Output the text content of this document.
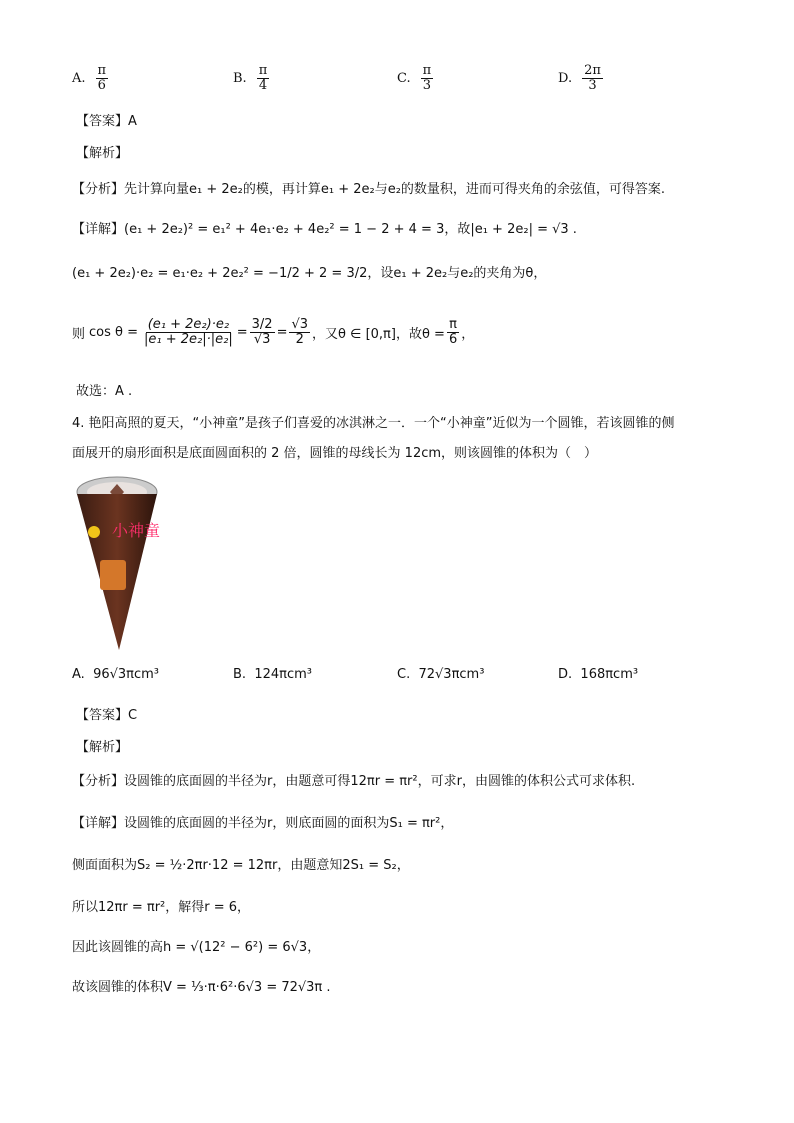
A. $\frac{\pi}{6}$	B. $\frac{\pi}{4}$	C. $\frac{\pi}{3}$	D. $\frac{2\pi}{3}$
【答案】A
【解析】
【分析】 先计算向量e₁ + 2e₂的模，再计算e₁ + 2e₂与e₂的数量积，进而可得夹角的余弦值，可得答案.
【详解】 (e₁ + 2e₂)² = e₁² + 4e₁·e₂ + 4e₂² = 1 − 2 + 4 = 3，故|e₁ + 2e₂| = √3 .
(e₁ + 2e₂)·e₂ = e₁·e₂ + 2e₂² = −1/2 + 2 = 3/2，设e₁ + 2e₂与e₂的夹角为θ，
则 $\cos \theta = \frac{\text{(e₁ + 2e₂)·e₂}}{\text{|e₁ + 2e₂|·|e₂|}} = \frac{3/2}{√3} = \frac{√3}{2}$ ，又θ ∈ [0,π]，故$\theta = \frac{\pi}{6}$ ，
故选：A .
4. 艳阳高照的夏天，“小神童”是孩子们喜爱的冰淇淋之一．一个“小神童”近似为一个圆锥，若该圆锥的侧
面展开的扇形面积是底面圆面积的 2 倍，圆锥的母线长为 12cm，则该圆锥的体积为（　）
小神童
A. 96√3πcm³	B. 124πcm³	C. 72√3πcm³	D. 168πcm³
【答案】C
【解析】
【分析】 设圆锥的底面圆的半径为r，由题意可得12πr = πr²，可求r，由圆锥的体积公式可求体积.
【详解】 设圆锥的底面圆的半径为r，则底面圆的面积为S₁ = πr²，
侧面面积为S₂ = ½·2πr·12 = 12πr，由题意知2S₁ = S₂，
所以12πr = πr²，解得r = 6，
因此该圆锥的高h = √(12² − 6²) = 6√3，
故该圆锥的体积V = ⅓·π·6²·6√3 = 72√3π .
